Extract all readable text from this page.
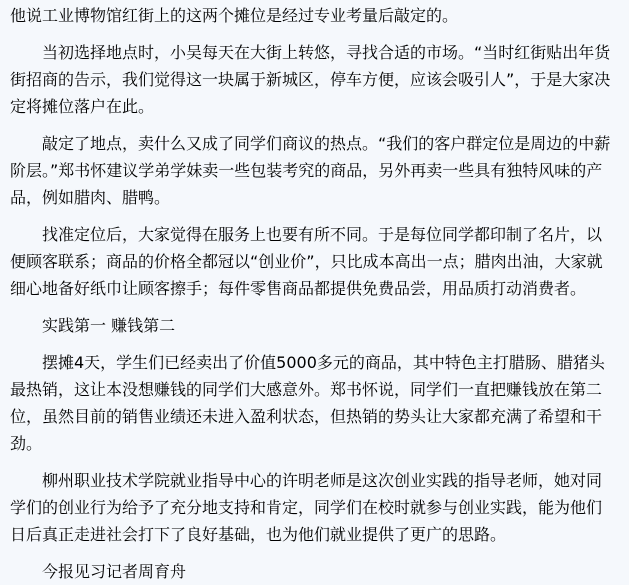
他说工业博物馆红街上的这两个摊位是经过专业考量后敲定的。

当初选择地点时，小吴每天在大街上转悠，寻找合适的市场。“当时红街贴出年货街招商的告示，我们觉得这一块属于新城区，停车方便，应该会吸引人”，于是大家决定将摊位落户在此。

敲定了地点，卖什么又成了同学们商议的热点。“我们的客户群定位是周边的中薪阶层。”郑书怀建议学弟学妹卖一些包装考究的商品，另外再卖一些具有独特风味的产品，例如腊肉、腊鸭。

找准定位后，大家觉得在服务上也要有所不同。于是每位同学都印制了名片，以便顾客联系；商品的价格全都冠以“创业价”，只比成本高出一点；腊肉出油，大家就细心地备好纸巾让顾客擦手；每件零售商品都提供免费品尝，用品质打动消费者。

实践第一 赚钱第二

摆摊4天，学生们已经卖出了价值5000多元的商品，其中特色主打腊肠、腊猪头最热销，这让本没想赚钱的同学们大感意外。郑书怀说，同学们一直把赚钱放在第二位，虽然目前的销售业绩还未进入盈利状态，但热销的势头让大家都充满了希望和干劲。

柳州职业技术学院就业指导中心的许明老师是这次创业实践的指导老师，她对同学们的创业行为给予了充分地支持和肯定，同学们在校时就参与创业实践，能为他们日后真正走进社会打下了良好基础，也为他们就业提供了更广的思路。

今报见习记者周育舟
